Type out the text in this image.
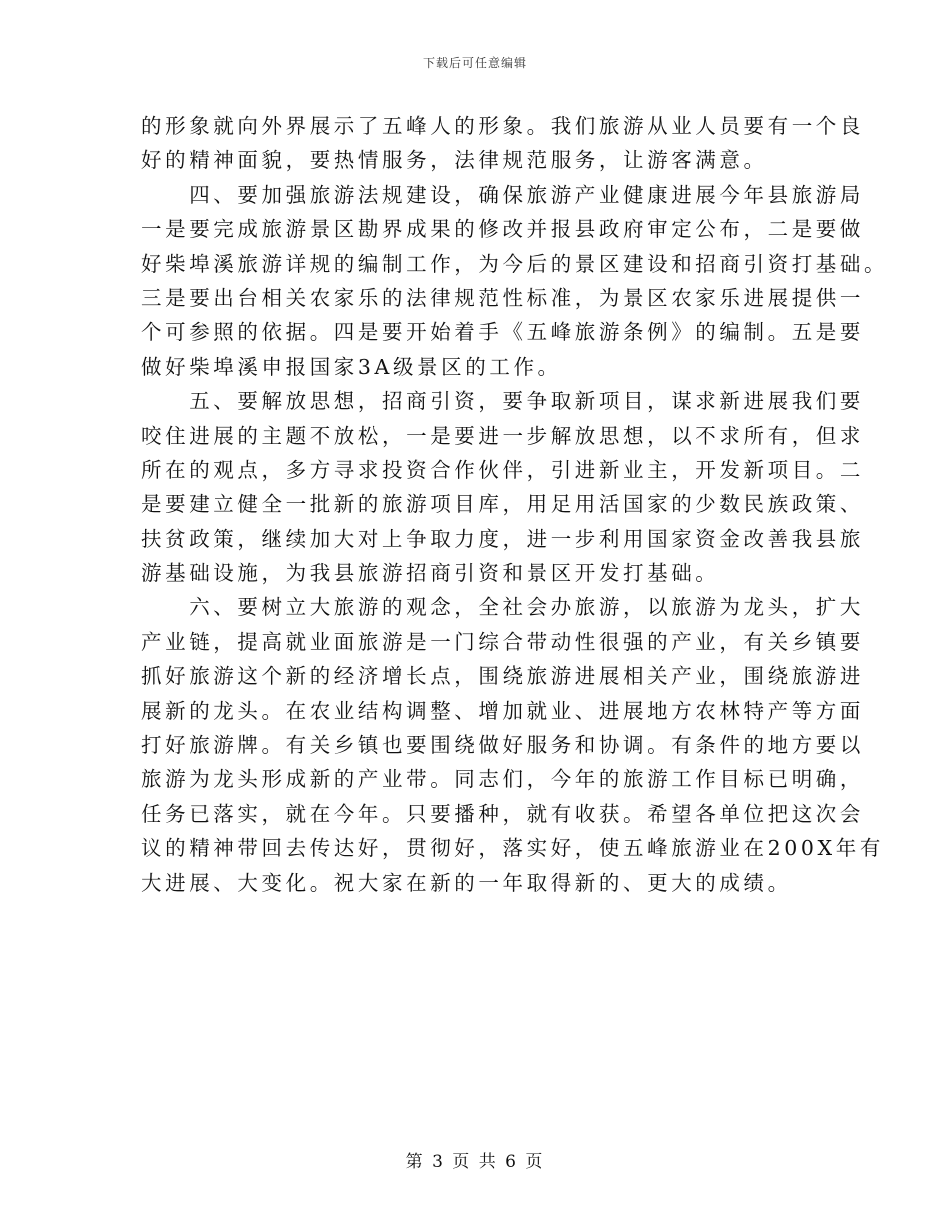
下载后可任意编辑
的形象就向外界展示了五峰人的形象。我们旅游从业人员要有一个良
好的精神面貌，要热情服务，法律规范服务，让游客满意。
　　四、要加强旅游法规建设，确保旅游产业健康进展今年县旅游局
一是要完成旅游景区勘界成果的修改并报县政府审定公布，二是要做
好柴埠溪旅游详规的编制工作，为今后的景区建设和招商引资打基础。
三是要出台相关农家乐的法律规范性标准，为景区农家乐进展提供一
个可参照的依据。四是要开始着手《五峰旅游条例》的编制。五是要
做好柴埠溪申报国家3A级景区的工作。
　　五、要解放思想，招商引资，要争取新项目，谋求新进展我们要
咬住进展的主题不放松，一是要进一步解放思想，以不求所有，但求
所在的观点，多方寻求投资合作伙伴，引进新业主，开发新项目。二
是要建立健全一批新的旅游项目库，用足用活国家的少数民族政策、
扶贫政策，继续加大对上争取力度，进一步利用国家资金改善我县旅
游基础设施，为我县旅游招商引资和景区开发打基础。
　　六、要树立大旅游的观念，全社会办旅游，以旅游为龙头，扩大
产业链，提高就业面旅游是一门综合带动性很强的产业，有关乡镇要
抓好旅游这个新的经济增长点，围绕旅游进展相关产业，围绕旅游进
展新的龙头。在农业结构调整、增加就业、进展地方农林特产等方面
打好旅游牌。有关乡镇也要围绕做好服务和协调。有条件的地方要以
旅游为龙头形成新的产业带。同志们，今年的旅游工作目标已明确，
任务已落实，就在今年。只要播种，就有收获。希望各单位把这次会
议的精神带回去传达好，贯彻好，落实好，使五峰旅游业在200X年有
大进展、大变化。祝大家在新的一年取得新的、更大的成绩。
第 3 页 共 6 页
